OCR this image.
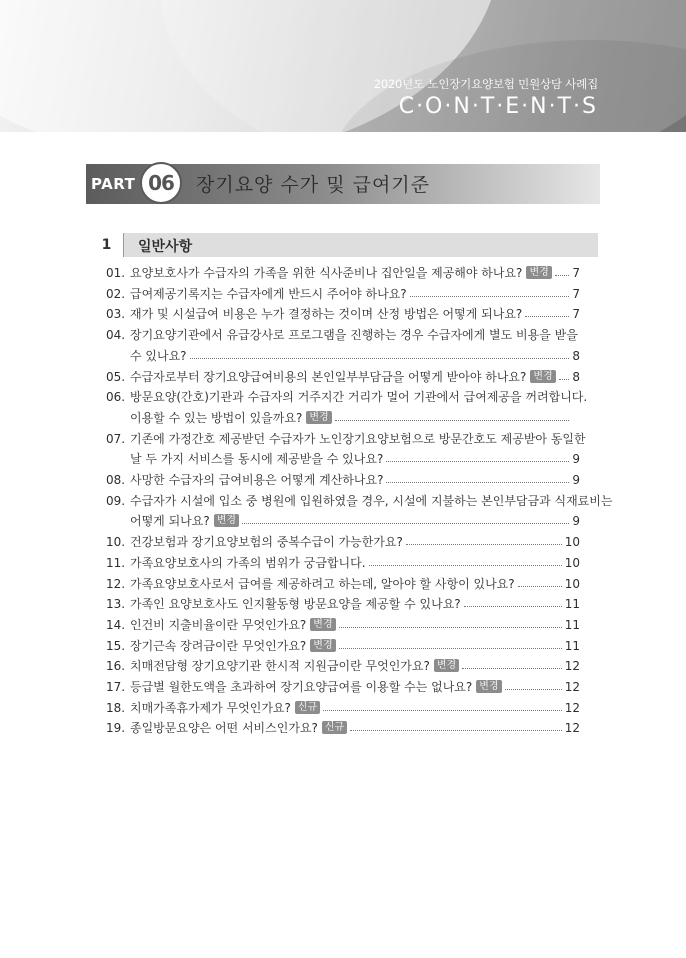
2020년도 노인장기요양보험 민원상담 사례집
C·O·N·T·E·N·T·S
PART 06	장기요양 수가 및 급여기준
1	일반사항
01. 요양보호사가 수급자의 가족을 위한 식사준비나 집안일을 제공해야 하나요? 변경 7
02. 급여제공기록지는 수급자에게 반드시 주어야 하나요?	7
03. 재가 및 시설급여 비용은 누가 결정하는 것이며 산정 방법은 어떻게 되나요?	7
04. 장기요양기관에서 유급강사로 프로그램을 진행하는 경우 수급자에게 별도 비용을 받을
수 있나요?	8
05. 수급자로부터 장기요양급여비용의 본인일부부담금을 어떻게 받아야 하나요? 변경 8
06. 방문요양(간호)기관과 수급자의 거주지간 거리가 멀어 기관에서 급여제공을 꺼려합니다.
이용할 수 있는 방법이 있을까요? 변경
07. 기존에 가정간호 제공받던 수급자가 노인장기요양보험으로 방문간호도 제공받아 동일한
날 두 가지 서비스를 동시에 제공받을 수 있나요?	9
08. 사망한 수급자의 급여비용은 어떻게 계산하나요?	9
09. 수급자가 시설에 입소 중 병원에 입원하였을 경우, 시설에 지불하는 본인부담금과 식재료비는
어떻게 되나요? 변경	9
10. 건강보험과 장기요양보험의 중복수급이 가능한가요?	10
11. 가족요양보호사의 가족의 범위가 궁금합니다.	10
12. 가족요양보호사로서 급여를 제공하려고 하는데, 알아야 할 사항이 있나요?	10
13. 가족인 요양보호사도 인지활동형 방문요양을 제공할 수 있나요?	11
14. 인건비 지출비율이란 무엇인가요? 변경	11
15. 장기근속 장려금이란 무엇인가요? 변경	11
16. 치매전담형 장기요양기관 한시적 지원금이란 무엇인가요? 변경	12
17. 등급별 월한도액을 초과하여 장기요양급여를 이용할 수는 없나요? 변경	12
18. 치매가족휴가제가 무엇인가요? 신규	12
19. 종일방문요양은 어떤 서비스인가요? 신규	12
